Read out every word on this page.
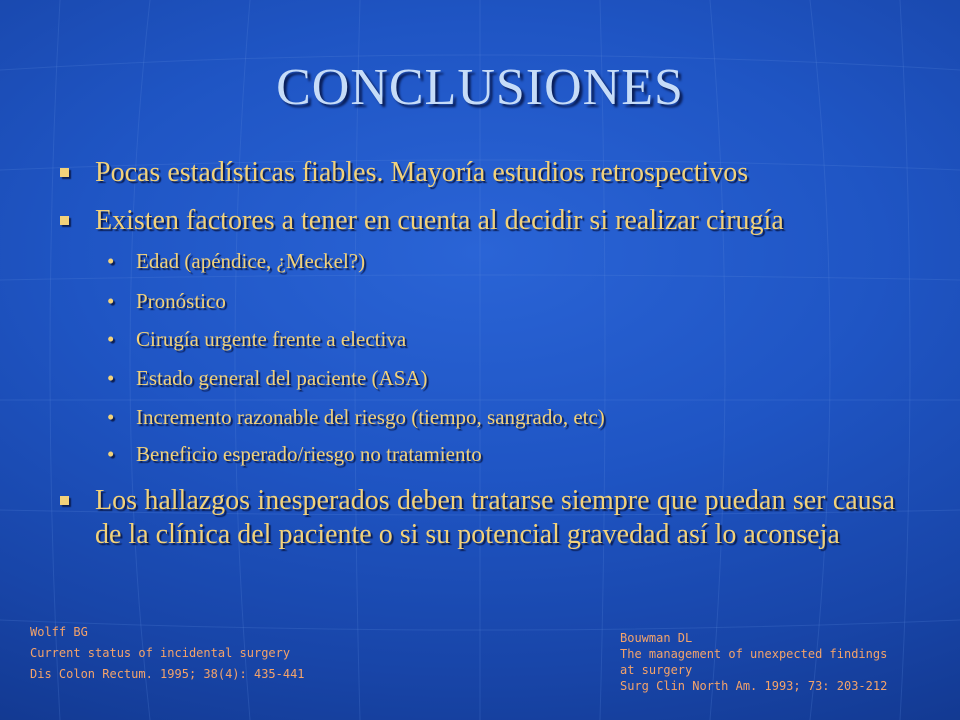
CONCLUSIONES
Pocas estadísticas fiables. Mayoría estudios retrospectivos
Existen factores a tener en cuenta al decidir si realizar cirugía
• Edad (apéndice, ¿Meckel?)
• Pronóstico
• Cirugía urgente frente a electiva
• Estado general del paciente (ASA)
• Incremento razonable del riesgo (tiempo, sangrado, etc)
• Beneficio esperado/riesgo no tratamiento
Los hallazgos inesperados deben tratarse siempre que puedan ser causa de la clínica del paciente o si su potencial gravedad así lo aconseja
Wolff BG
Current status of incidental surgery
Dis Colon Rectum. 1995; 38(4): 435-441
Bouwman DL
The management of unexpected findings
at surgery
Surg Clin North Am. 1993; 73: 203-212
